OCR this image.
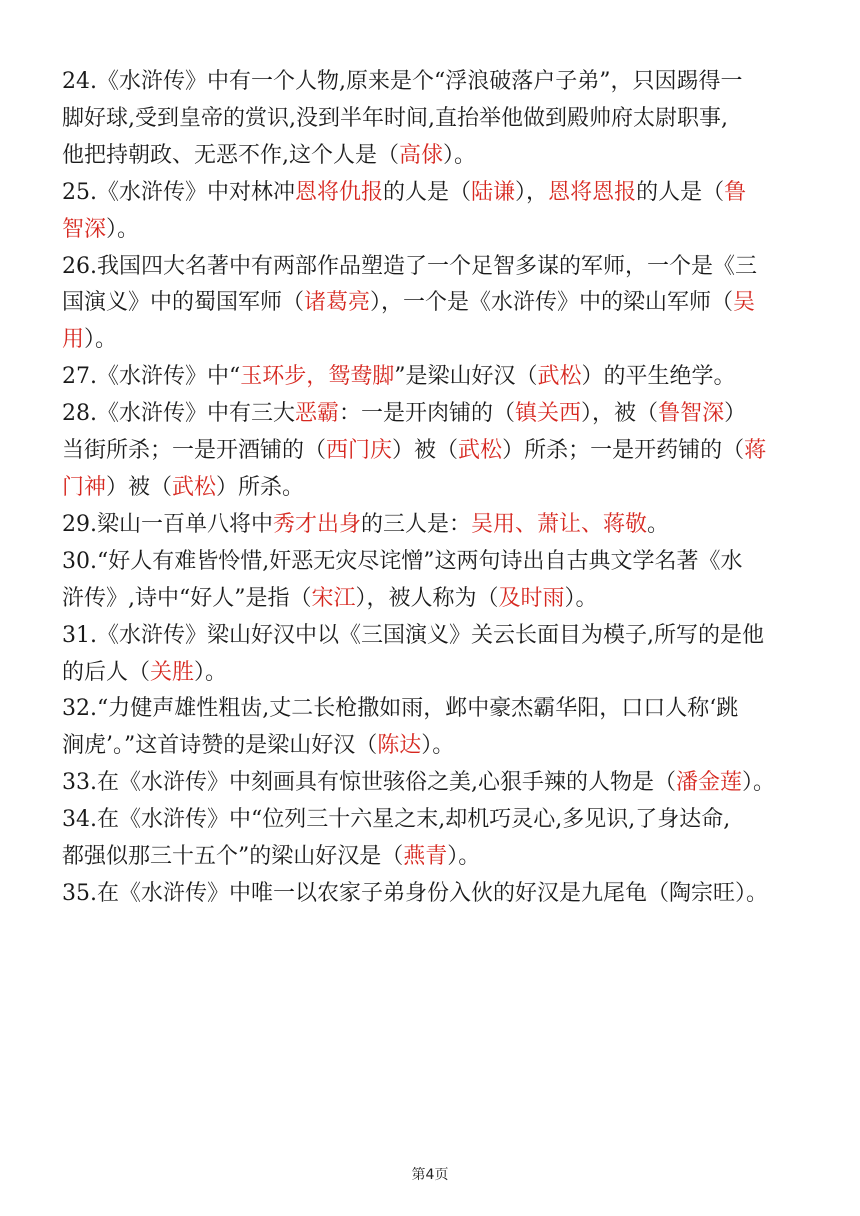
24.《水浒传》中有一个人物,原来是个“浮浪破落户子弟”，只因踢得一
脚好球,受到皇帝的赏识,没到半年时间,直抬举他做到殿帅府太尉职事,
他把持朝政、无恶不作,这个人是（高俅）。
25.《水浒传》中对林冲恩将仇报的人是（陆谦），恩将恩报的人是（鲁
智深）。
26.我国四大名著中有两部作品塑造了一个足智多谋的军师，一个是《三
国演义》中的蜀国军师（诸葛亮），一个是《水浒传》中的梁山军师（吴
用）。
27.《水浒传》中“玉环步，鸳鸯脚”是梁山好汉（武松）的平生绝学。
28.《水浒传》中有三大恶霸：一是开肉铺的（镇关西），被（鲁智深）
当街所杀；一是开酒铺的（西门庆）被（武松）所杀；一是开药铺的（蒋
门神）被（武松）所杀。
29.梁山一百单八将中秀才出身的三人是：吴用、萧让、蒋敬。
30.“好人有难皆怜惜,奸恶无灾尽诧憎”这两句诗出自古典文学名著《水
浒传》,诗中“好人”是指（宋江），被人称为（及时雨）。
31.《水浒传》梁山好汉中以《三国演义》关云长面目为模子,所写的是他
的后人（关胜）。
32.“力健声雄性粗齿,丈二长枪撒如雨，邺中豪杰霸华阳，口口人称‘跳
涧虎’。”这首诗赞的是梁山好汉（陈达）。
33.在《水浒传》中刻画具有惊世骇俗之美,心狠手辣的人物是（潘金莲）。
34.在《水浒传》中“位列三十六星之末,却机巧灵心,多见识,了身达命,
都强似那三十五个”的梁山好汉是（燕青）。
35.在《水浒传》中唯一以农家子弟身份入伙的好汉是九尾龟（陶宗旺）。
第4页
